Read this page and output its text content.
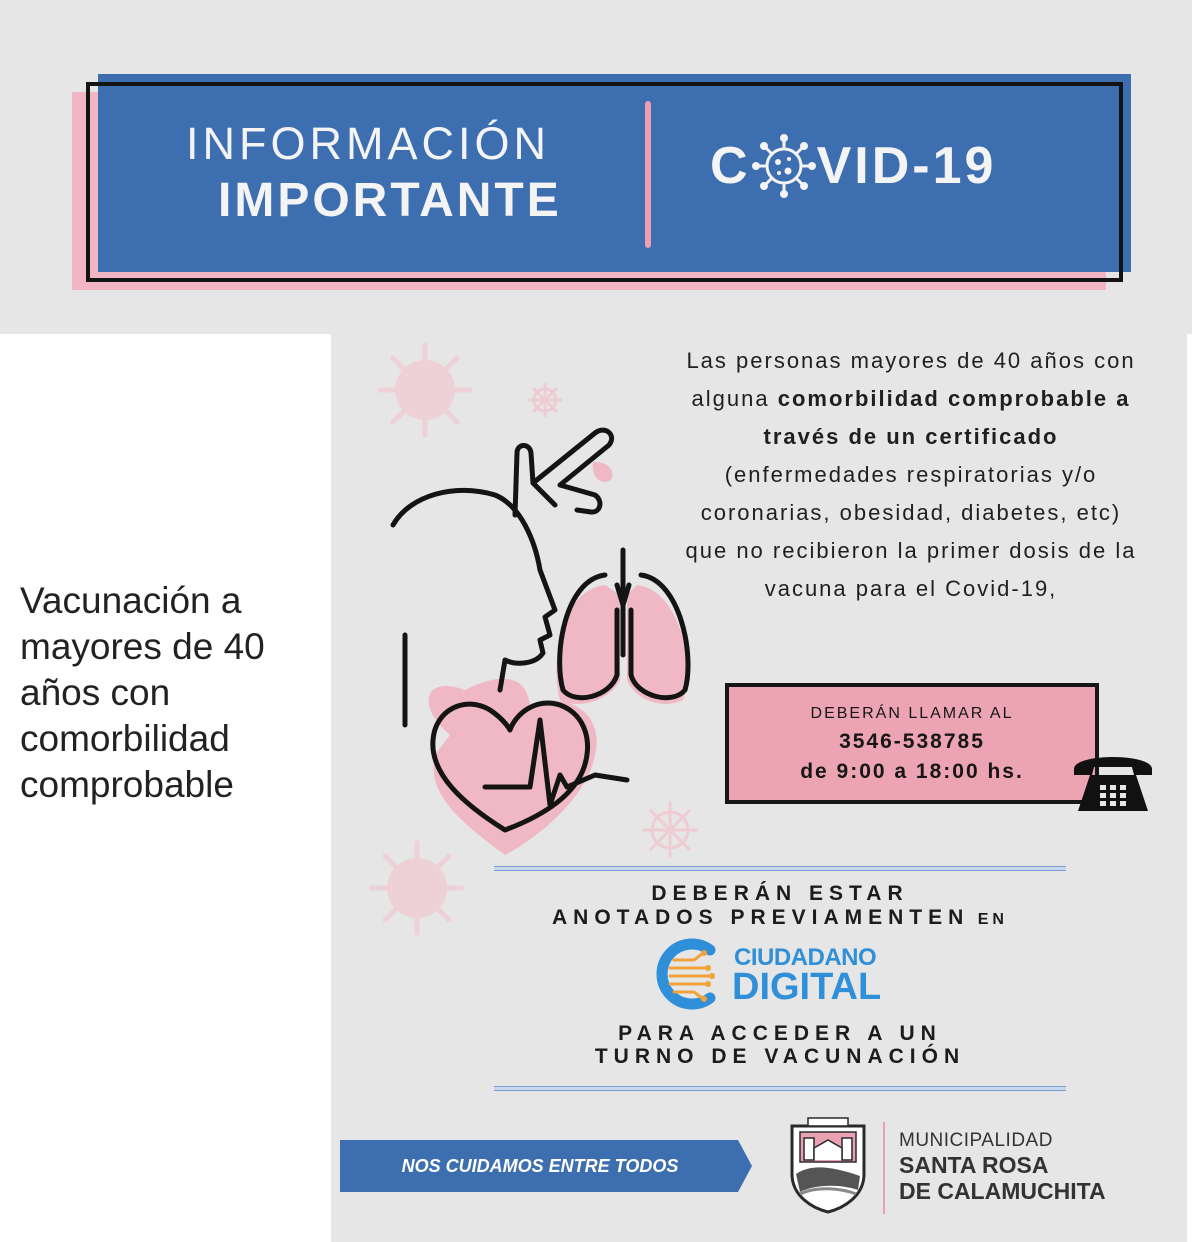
INFORMACIÓN
IMPORTANTE
C VID-19
Vacunación a mayores de 40 años con comorbilidad comprobable
Las personas mayores de 40 años con alguna comorbilidad comprobable a través de un certificado (enfermedades respiratorias y/o coronarias, obesidad, diabetes, etc) que no recibieron la primer dosis de la vacuna para el Covid-19,
DEBERÁN LLAMAR AL
3546-538785
de 9:00 a 18:00 hs.
DEBERÁN ESTAR
ANOTADOS PREVIAMENTEN EN
CIUDADANO
DIGITAL
PARA ACCEDER A UN
TURNO DE VACUNACIÓN
NOS CUIDAMOS ENTRE TODOS
MUNICIPALIDAD
SANTA ROSA
DE CALAMUCHITA
